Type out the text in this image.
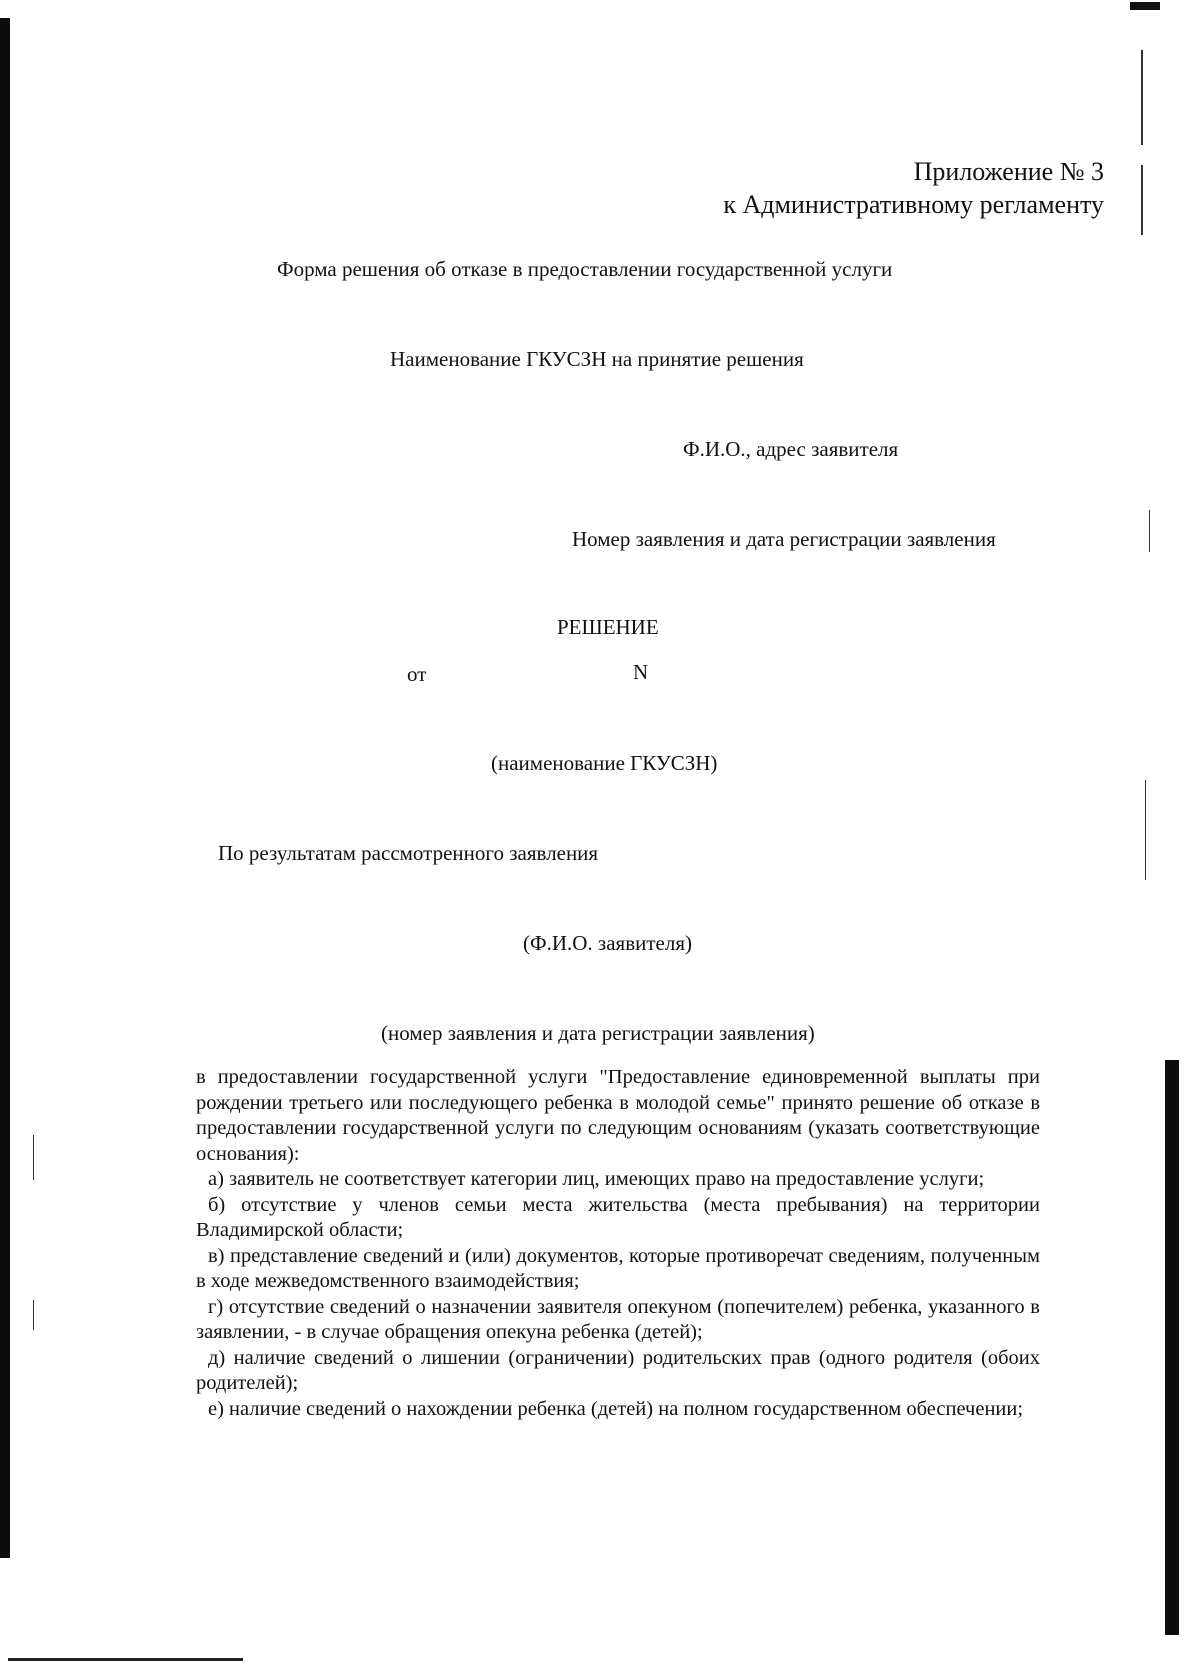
Приложение № 3
к Административному регламенту
Форма решения об отказе в предоставлении государственной услуги
Наименование ГКУСЗН на принятие решения
Ф.И.О., адрес заявителя
Номер заявления и дата регистрации заявления
РЕШЕНИЕ
от	N
(наименование ГКУСЗН)
По результатам рассмотренного заявления
(Ф.И.О. заявителя)
(номер заявления и дата регистрации заявления)

в предоставлении государственной услуги "Предоставление единовременной выплаты при рождении третьего или последующего ребенка в молодой семье" принято решение об отказе в предоставлении государственной услуги по следующим основаниям (указать соответствующие основания):

а) заявитель не соответствует категории лиц, имеющих право на предоставление услуги;

б) отсутствие у членов семьи места жительства (места пребывания) на территории Владимирской области;

в) представление сведений и (или) документов, которые противоречат сведениям, полученным в ходе межведомственного взаимодействия;

г) отсутствие сведений о назначении заявителя опекуном (попечителем) ребенка, указанного в заявлении, - в случае обращения опекуна ребенка (детей);

д) наличие сведений о лишении (ограничении) родительских прав (одного родителя (обоих родителей);

е) наличие сведений о нахождении ребенка (детей) на полном государственном обеспечении;
